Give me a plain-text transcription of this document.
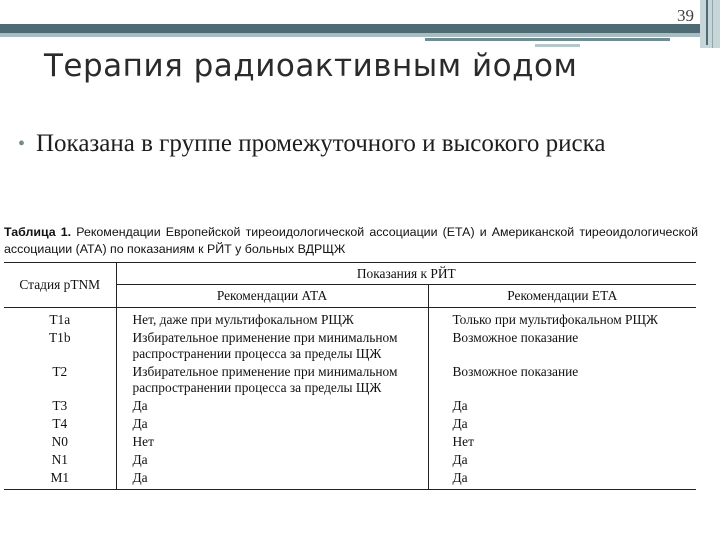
39
Терапия радиоактивным йодом
• Показана в группе промежуточного и высокого риска
Таблица 1. Рекомендации Европейской тиреоидологической ассоциации (ЕТА) и Американской тиреоидологической ассоциации (АТА) по показаниям к РЙТ у больных ВДРЩЖ
Стадия pTNM	Показания к РЙТ	
	Рекомендации АТА	Рекомендации ЕТА
T1a	Нет, даже при мультифокальном РЩЖ	Только при мультифокальном РЩЖ
T1b	Избирательное применение при минимальном распространении процесса за пределы ЩЖ	Возможное показание
T2	Избирательное применение при минимальном распространении процесса за пределы ЩЖ	Возможное показание
T3	Да	Да
T4	Да	Да
N0	Нет	Нет
N1	Да	Да
M1	Да	Да
